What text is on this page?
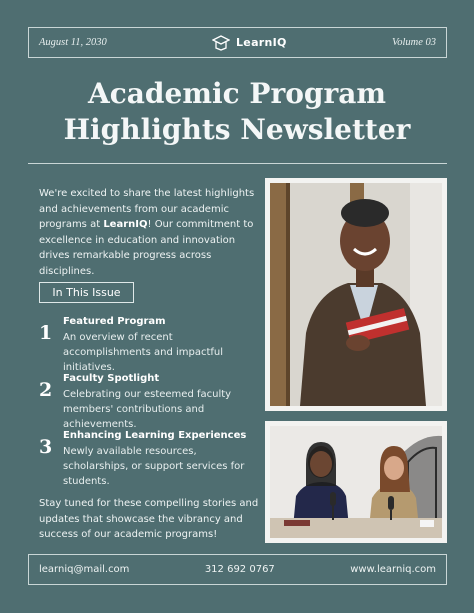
August 11, 2030	LearnIQ	Volume 03
Academic Program
Highlights Newsletter
We're excited to share the latest highlights and achievements from our academic programs at LearnIQ! Our commitment to excellence in education and innovation drives remarkable progress across disciplines.
In This Issue
1
Featured Program
An overview of recent accomplishments and impactful initiatives.
2
Faculty Spotlight
Celebrating our esteemed faculty members' contributions and achievements.
3
Enhancing Learning Experiences
Newly available resources, scholarships, or support services for students.
Stay tuned for these compelling stories and updates that showcase the vibrancy and success of our academic programs!
learniq@mail.com	312 692 0767	www.learniq.com
